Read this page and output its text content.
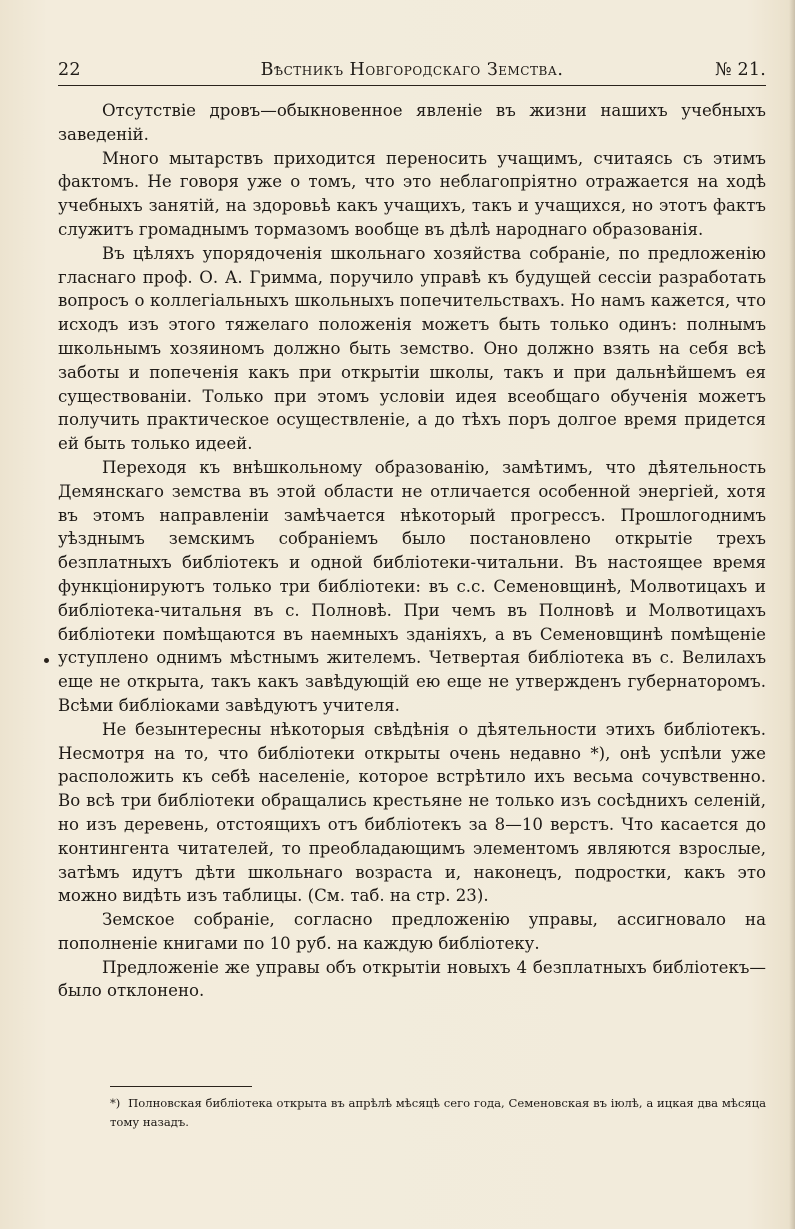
22	Вѣстникъ Новгородскаго Земства.	№ 21.

Отсутствіе дровъ—обыкновенное явленіе въ жизни нашихъ учебныхъ заведеній.

Много мытарствъ приходится переносить учащимъ, считаясь съ этимъ фактомъ. Не говоря уже о томъ, что это неблагопріятно отражается на ходѣ учебныхъ занятій, на здоровьѣ какъ учащихъ, такъ и учащихся, но этотъ фактъ служитъ громаднымъ тормазомъ вообще въ дѣлѣ народнаго образованія.

Въ цѣляхъ упорядоченія школьнаго хозяйства собраніе, по предложенію гласнаго проф. О. А. Гримма, поручило управѣ къ будущей сессіи разработать вопросъ о коллегіальныхъ школьныхъ попечительствахъ. Но намъ кажется, что исходъ изъ этого тяжелаго положенія можетъ быть только одинъ: полнымъ школьнымъ хозяиномъ должно быть земство. Оно должно взять на себя всѣ заботы и попеченія какъ при открытіи школы, такъ и при дальнѣйшемъ ея существованіи. Только при этомъ условіи идея всеобщаго обученія можетъ получить практическое осуществленіе, а до тѣхъ поръ долгое время придется ей быть только идеей.

Переходя къ внѣшкольному образованію, замѣтимъ, что дѣятельность Демянскаго земства въ этой области не отличается особенной энергіей, хотя въ этомъ направленіи замѣчается нѣкоторый прогрессъ. Прошлогоднимъ уѣзднымъ земскимъ собраніемъ было постановлено открытіе трехъ безплатныхъ библіотекъ и одной библіотеки-читальни. Въ настоящее время функціонируютъ только три библіотеки: въ с.с. Семеновщинѣ, Молвотицахъ и библіотека-читальня въ с. Полновѣ. При чемъ въ Полновѣ и Молвотицахъ библіотеки помѣщаются въ наемныхъ зданіяхъ, а въ Семеновщинѣ помѣщеніе уступлено однимъ мѣстнымъ жителемъ. Четвертая библіотека въ с. Велилахъ еще не открыта, такъ какъ завѣдующій ею еще не утвержденъ губернаторомъ. Всѣми библіоками завѣдуютъ учителя.

Не безынтересны нѣкоторыя свѣдѣнія о дѣятельности этихъ библіотекъ. Несмотря на то, что библіотеки открыты очень недавно *), онѣ успѣли уже расположить къ себѣ населеніе, которое встрѣтило ихъ весьма сочувственно. Во всѣ три библіотеки обращались крестьяне не только изъ сосѣднихъ селеній, но изъ деревень, отстоящихъ отъ библіотекъ за 8—10 верстъ. Что касается до контингента читателей, то преобладающимъ элементомъ являются взрослые, затѣмъ идутъ дѣти школьнаго возраста и, наконецъ, подростки, какъ это можно видѣть изъ таблицы. (См. таб. на стр. 23).

Земское собраніе, согласно предложенію управы, ассигновало на пополненіе книгами по 10 руб. на каждую библіотеку.

Предложеніе же управы объ открытіи новыхъ 4 безплатныхъ библіотекъ—было отклонено.

*) Полновская библіотека открыта въ апрѣлѣ мѣсяцѣ сего года, Семеновская въ іюлѣ, а ицкая два мѣсяца тому назадъ.
